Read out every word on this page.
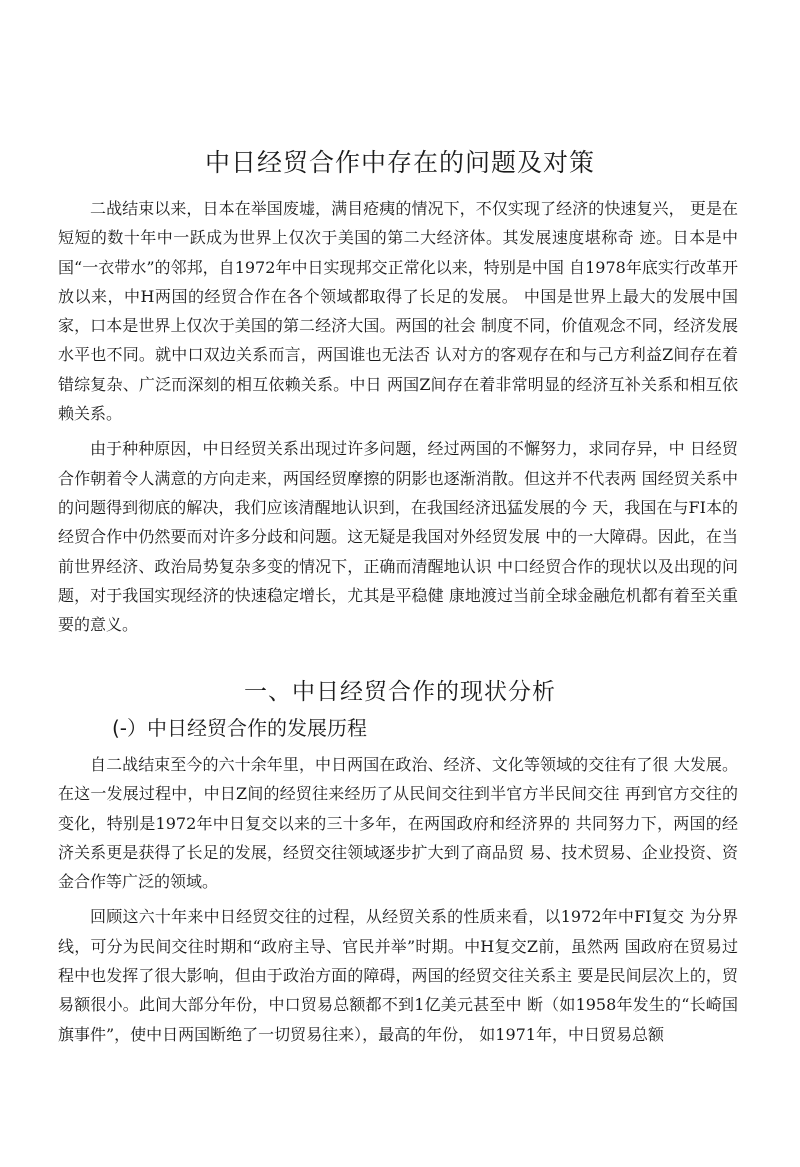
中日经贸合作中存在的问题及对策

二战结束以来，日本在举国废墟，满目疮痍的情况下，不仅实现了经济的快速复兴， 更是在短短的数十年中一跃成为世界上仅次于美国的第二大经济体。其发展速度堪称奇 迹。日本是中国“一衣带水”的邻邦，自1972年中日实现邦交正常化以来，特别是中国 自1978年底实行改革开放以来，中H两国的经贸合作在各个领域都取得了长足的发展。 中国是世界上最大的发展中国家，口本是世界上仅次于美国的第二经济大国。两国的社会 制度不同，价值观念不同，经济发展水平也不同。就中口双边关系而言，两国谁也无法否 认对方的客观存在和与己方利益Z间存在着错综复杂、广泛而深刻的相互依赖关系。中日 两国Z间存在着非常明显的经济互补关系和相互依赖关系。

由于种种原因，中日经贸关系出现过许多问题，经过两国的不懈努力，求同存异，中 日经贸合作朝着令人满意的方向走来，两国经贸摩擦的阴影也逐渐消散。但这并不代表两 国经贸关系中的问题得到彻底的解决，我们应该清醒地认识到，在我国经济迅猛发展的今 天，我国在与FI本的经贸合作中仍然要而对许多分歧和问题。这无疑是我国对外经贸发展 中的一大障碍。因此，在当前世界经济、政治局势复杂多变的情况下，正确而清醒地认识 中口经贸合作的现状以及出现的问题，对于我国实现经济的快速稳定增长，尤其是平稳健 康地渡过当前全球金融危机都有着至关重要的意义。

一、中日经贸合作的现状分析
(-）中日经贸合作的发展历程

自二战结束至今的六十余年里，中日两国在政治、经济、文化等领域的交往有了很 大发展。在这一发展过程中，中日Z间的经贸往来经历了从民间交往到半官方半民间交往 再到官方交往的变化，特别是1972年中日复交以来的三十多年，在两国政府和经济界的 共同努力下，两国的经济关系更是获得了长足的发展，经贸交往领域逐步扩大到了商品贸 易、技术贸易、企业投资、资金合作等广泛的领域。

回顾这六十年来中日经贸交往的过程，从经贸关系的性质来看，以1972年中FI复交 为分界线，可分为民间交往时期和“政府主导、官民并举”时期。中H复交Z前，虽然两 国政府在贸易过程中也发挥了很大影响，但由于政治方面的障碍，两国的经贸交往关系主 要是民间层次上的，贸易额很小。此间大部分年份，中口贸易总额都不到1亿美元甚至中 断（如1958年发生的“长崎国旗事件”，使中日两国断绝了一切贸易往来），最高的年份， 如1971年，中日贸易总额
